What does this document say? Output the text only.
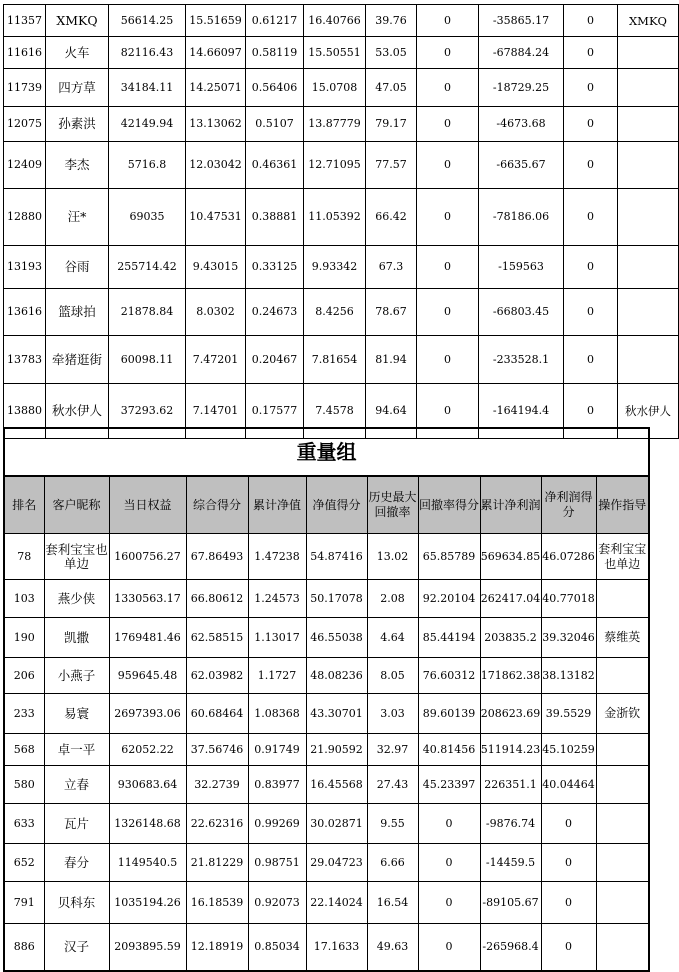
11357	XMKQ	56614.25	15.51659	0.61217	16.40766	39.76	0	-35865.17	0	XMKQ
11616	火车	82116.43	14.66097	0.58119	15.50551	53.05	0	-67884.24	0	
11739	四方草	34184.11	14.25071	0.56406	15.0708	47.05	0	-18729.25	0	
12075	孙素洪	42149.94	13.13062	0.5107	13.87779	79.17	0	-4673.68	0	
12409	李杰	5716.8	12.03042	0.46361	12.71095	77.57	0	-6635.67	0	
12880	汪*	69035	10.47531	0.38881	11.05392	66.42	0	-78186.06	0	
13193	谷雨	255714.42	9.43015	0.33125	9.93342	67.3	0	-159563	0	
13616	篮球拍	21878.84	8.0302	0.24673	8.4256	78.67	0	-66803.45	0	
13783	牵猪逛街	60098.11	7.47201	0.20467	7.81654	81.94	0	-233528.1	0	
13880	秋水伊人	37293.62	7.14701	0.17577	7.4578	94.64	0	-164194.4	0	秋水伊人
重量组										
排名	客户昵称	当日权益	综合得分	累计净值	净值得分	历史最大回撤率	回撤率得分	累计净利润	净利润得分	操作指导
78	套利宝宝也单边	1600756.27	67.86493	1.47238	54.87416	13.02	65.85789	569634.85	46.07286	套利宝宝也单边
103	燕少侠	1330563.17	66.80612	1.24573	50.17078	2.08	92.20104	262417.04	40.77018	
190	凯撒	1769481.46	62.58515	1.13017	46.55038	4.64	85.44194	203835.2	39.32046	蔡维英
206	小燕子	959645.48	62.03982	1.1727	48.08236	8.05	76.60312	171862.38	38.13182	
233	易寰	2697393.06	60.68464	1.08368	43.30701	3.03	89.60139	208623.69	39.5529	金浙钦
568	卓一平	62052.22	37.56746	0.91749	21.90592	32.97	40.81456	511914.23	45.10259	
580	立春	930683.64	32.2739	0.83977	16.45568	27.43	45.23397	226351.1	40.04464	
633	瓦片	1326148.68	22.62316	0.99269	30.02871	9.55	0	-9876.74	0	
652	春分	1149540.5	21.81229	0.98751	29.04723	6.66	0	-14459.5	0	
791	贝科东	1035194.26	16.18539	0.92073	22.14024	16.54	0	-89105.67	0	
886	汉子	2093895.59	12.18919	0.85034	17.1633	49.63	0	-265968.4	0	
